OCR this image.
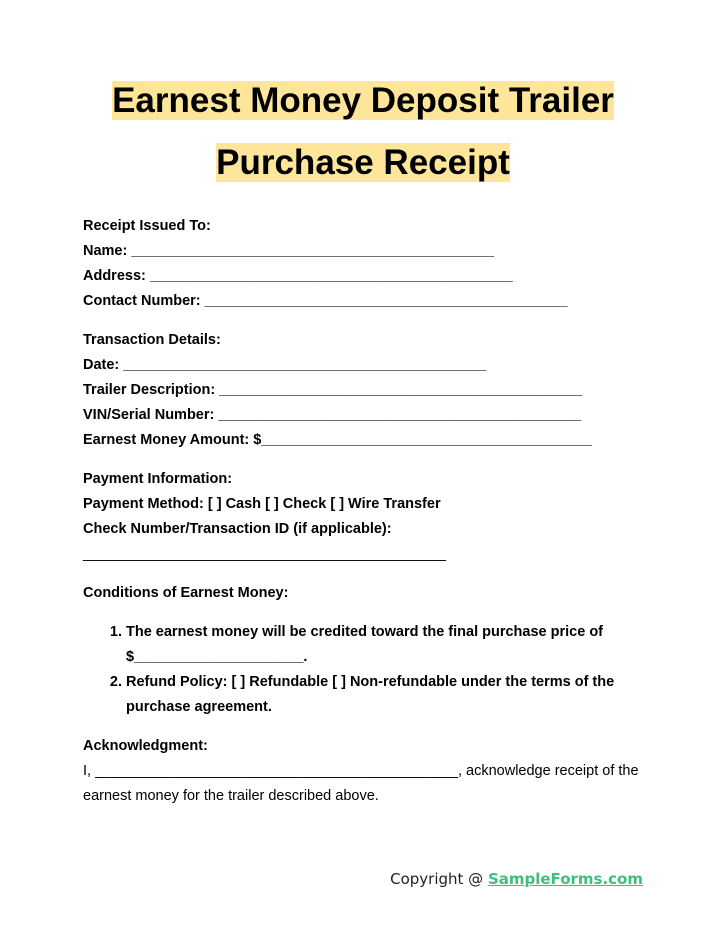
Earnest Money Deposit Trailer
Purchase Receipt
Receipt Issued To:
Name: _____________________________________________
Address: _____________________________________________
Contact Number: _____________________________________________
Transaction Details:
Date: _____________________________________________
Trailer Description: _____________________________________________
VIN/Serial Number: _____________________________________________
Earnest Money Amount: $_________________________________________
Payment Information:
Payment Method: [ ] Cash [ ] Check [ ] Wire Transfer
Check Number/Transaction ID (if applicable):
_____________________________________________
Conditions of Earnest Money:
1. The earnest money will be credited toward the final purchase price of $_____________________.
2. Refund Policy: [ ] Refundable [ ] Non-refundable under the terms of the purchase agreement.
Acknowledgment:
I, _____________________________________________, acknowledge receipt of the earnest money for the trailer described above.
Copyright @ SampleForms.com
